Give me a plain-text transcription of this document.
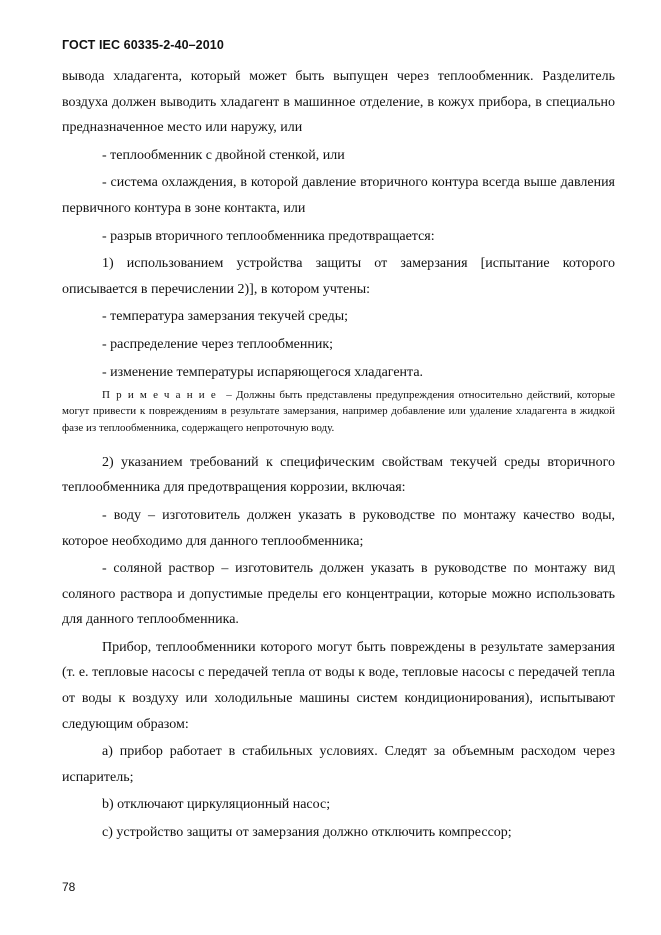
ГОСТ IEC 60335-2-40–2010

вывода хладагента, который может быть выпущен через теплообменник. Разделитель воздуха должен выводить хладагент в машинное отделение, в кожух прибора, в специально предназначенное место или наружу, или

- теплообменник с двойной стенкой, или

- система охлаждения, в которой давление вторичного контура всегда выше давления первичного контура в зоне контакта, или

- разрыв вторичного теплообменника предотвращается:

1) использованием устройства защиты от замерзания [испытание которого описывается в перечислении 2)], в котором учтены:

- температура замерзания текучей среды;

- распределение через теплообменник;

- изменение температуры испаряющегося хладагента.

Примечание – Должны быть представлены предупреждения относительно действий, которые могут привести к повреждениям в результате замерзания, например добавление или удаление хладагента в жидкой фазе из теплообменника, содержащего непроточную воду.

2) указанием требований к специфическим свойствам текучей среды вторичного теплообменника для предотвращения коррозии, включая:

- воду – изготовитель должен указать в руководстве по монтажу качество воды, которое необходимо для данного теплообменника;

- соляной раствор – изготовитель должен указать в руководстве по монтажу вид соляного раствора и допустимые пределы его концентрации, которые можно использовать для данного теплообменника.

Прибор, теплообменники которого могут быть повреждены в результате замерзания (т. е. тепловые насосы с передачей тепла от воды к воде, тепловые насосы с передачей тепла от воды к воздуху или холодильные машины систем кондиционирования), испытывают следующим образом:

a) прибор работает в стабильных условиях. Следят за объемным расходом через испаритель;

b) отключают циркуляционный насос;

c) устройство защиты от замерзания должно отключить компрессор;

78
